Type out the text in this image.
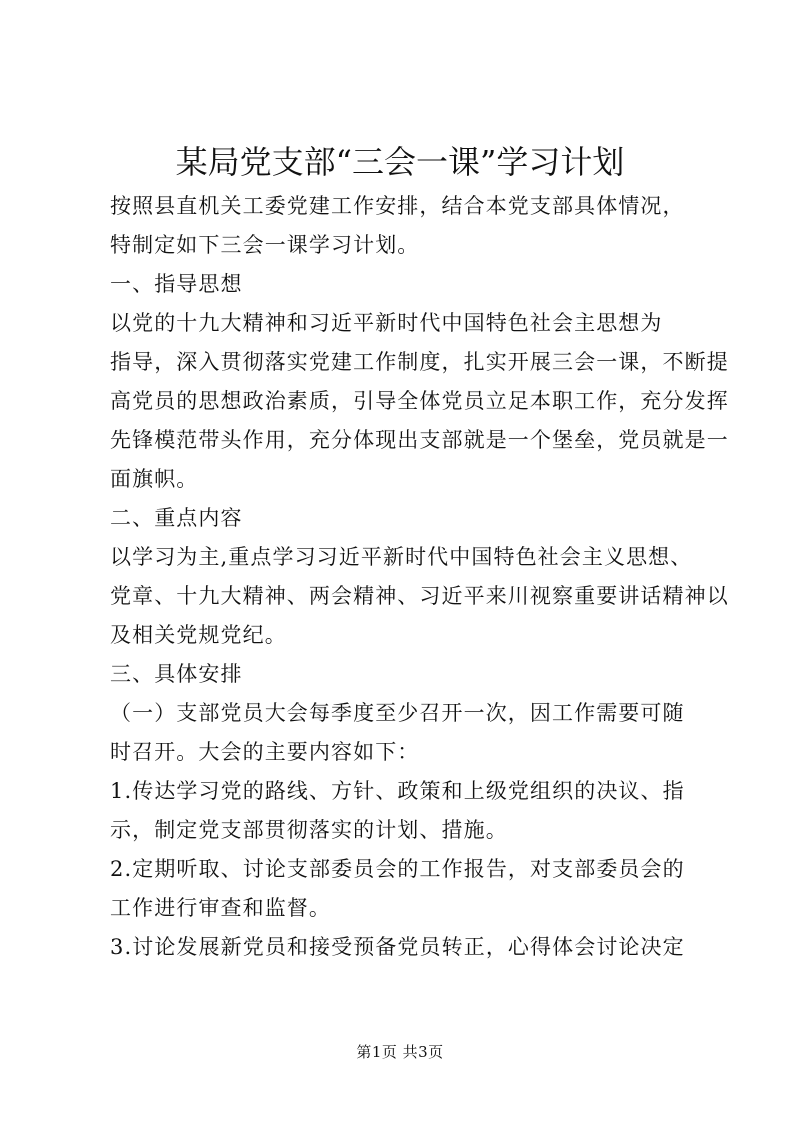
某局党支部“三会一课”学习计划
按照县直机关工委党建工作安排，结合本党支部具体情况，
特制定如下三会一课学习计划。
一、指导思想
以党的十九大精神和习近平新时代中国特色社会主思想为
指导，深入贯彻落实党建工作制度，扎实开展三会一课，不断提
高党员的思想政治素质，引导全体党员立足本职工作，充分发挥
先锋模范带头作用，充分体现出支部就是一个堡垒，党员就是一
面旗帜。
二、重点内容
以学习为主,重点学习习近平新时代中国特色社会主义思想、
党章、十九大精神、两会精神、习近平来川视察重要讲话精神以
及相关党规党纪。
三、具体安排
（一）支部党员大会每季度至少召开一次，因工作需要可随
时召开。大会的主要内容如下：
1.传达学习党的路线、方针、政策和上级党组织的决议、指
示，制定党支部贯彻落实的计划、措施。
2.定期听取、讨论支部委员会的工作报告，对支部委员会的
工作进行审查和监督。
3.讨论发展新党员和接受预备党员转正，心得体会讨论决定
第1页 共3页
